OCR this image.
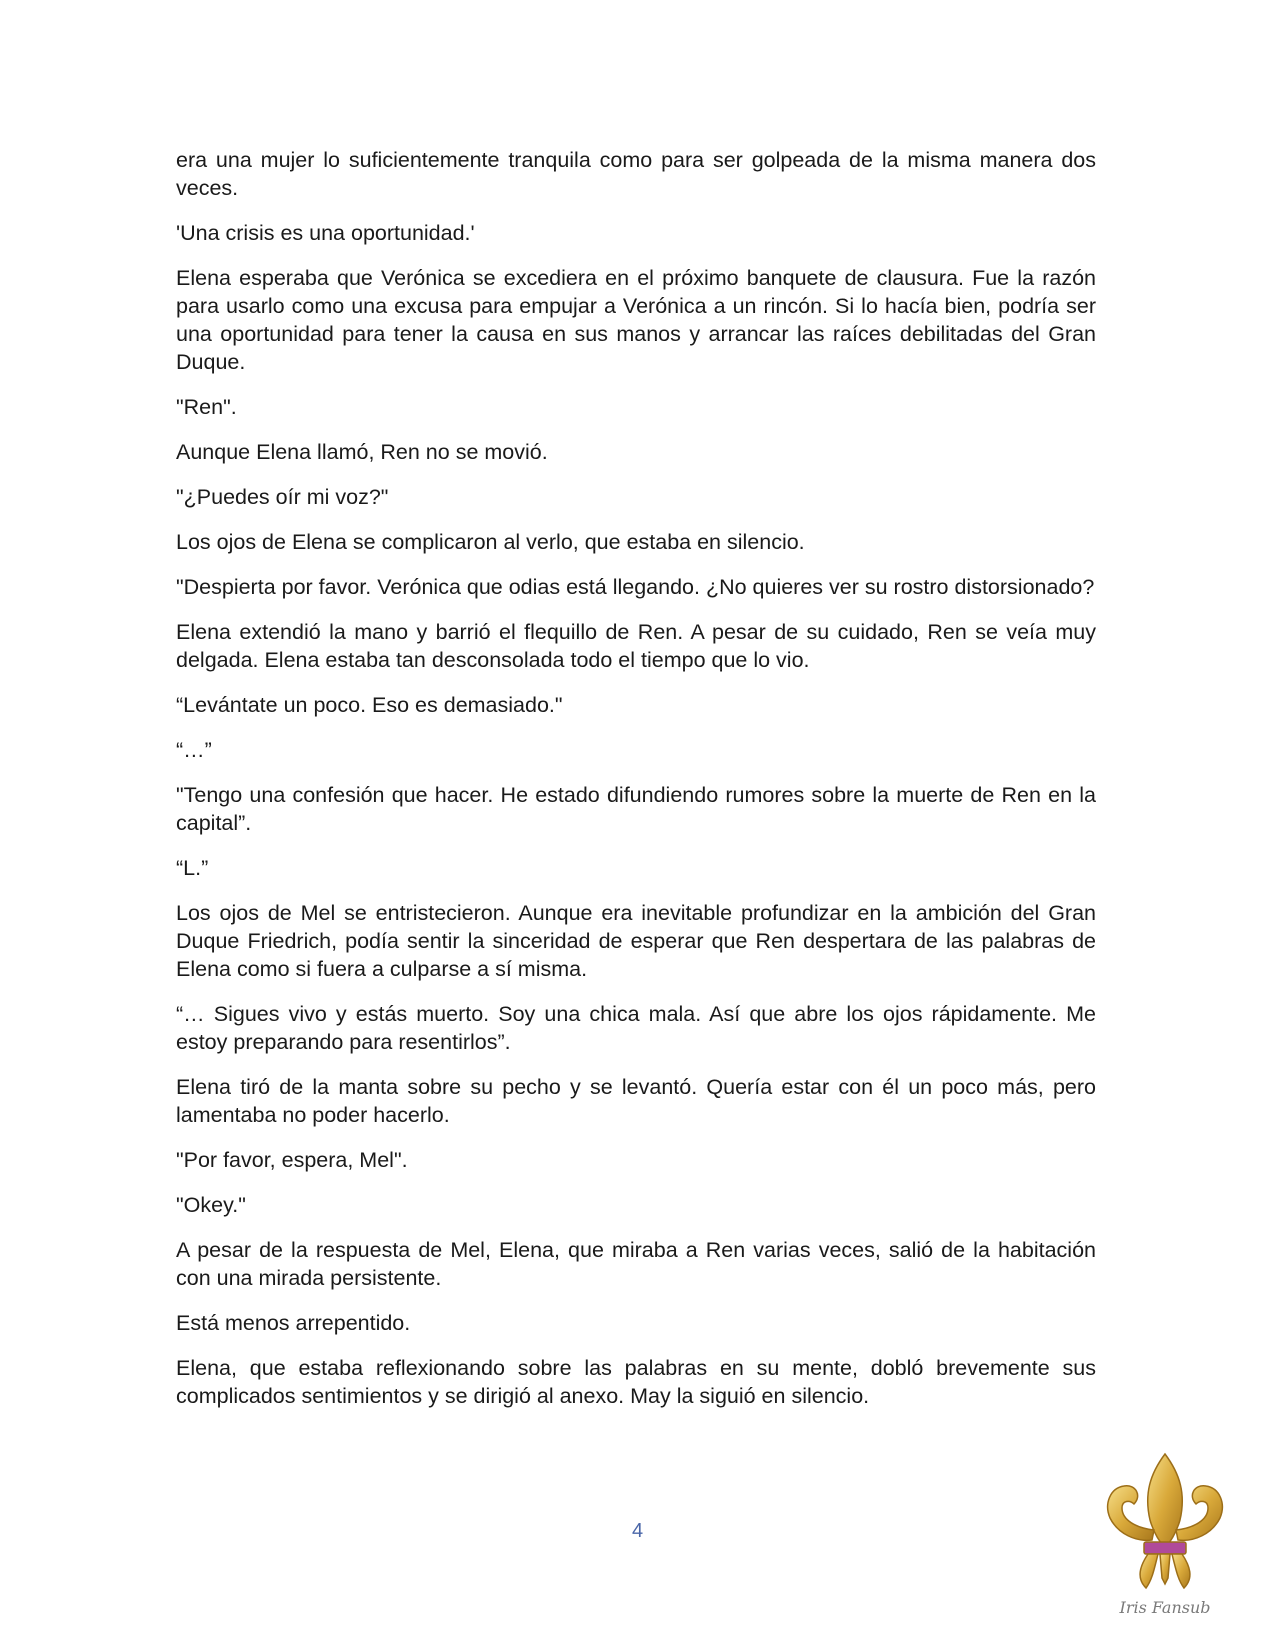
era una mujer lo suficientemente tranquila como para ser golpeada de la misma manera dos veces.

'Una crisis es una oportunidad.'

Elena esperaba que Verónica se excediera en el próximo banquete de clausura. Fue la razón para usarlo como una excusa para empujar a Verónica a un rincón. Si lo hacía bien, podría ser una oportunidad para tener la causa en sus manos y arrancar las raíces debilitadas del Gran Duque.

"Ren".

Aunque Elena llamó, Ren no se movió.

"¿Puedes oír mi voz?"

Los ojos de Elena se complicaron al verlo, que estaba en silencio.

"Despierta por favor. Verónica que odias está llegando. ¿No quieres ver su rostro distorsionado?

Elena extendió la mano y barrió el flequillo de Ren. A pesar de su cuidado, Ren se veía muy delgada. Elena estaba tan desconsolada todo el tiempo que lo vio.

“Levántate un poco. Eso es demasiado."

“…”

"Tengo una confesión que hacer. He estado difundiendo rumores sobre la muerte de Ren en la capital”.

“L.”

Los ojos de Mel se entristecieron. Aunque era inevitable profundizar en la ambición del Gran Duque Friedrich, podía sentir la sinceridad de esperar que Ren despertara de las palabras de Elena como si fuera a culparse a sí misma.

“… Sigues vivo y estás muerto. Soy una chica mala. Así que abre los ojos rápidamente. Me estoy preparando para resentirlos”.

Elena tiró de la manta sobre su pecho y se levantó. Quería estar con él un poco más, pero lamentaba no poder hacerlo.

"Por favor, espera, Mel".

"Okey."

A pesar de la respuesta de Mel, Elena, que miraba a Ren varias veces, salió de la habitación con una mirada persistente.

Está menos arrepentido.

Elena, que estaba reflexionando sobre las palabras en su mente, dobló brevemente sus complicados sentimientos y se dirigió al anexo. May la siguió en silencio.

4
Iris Fansub
